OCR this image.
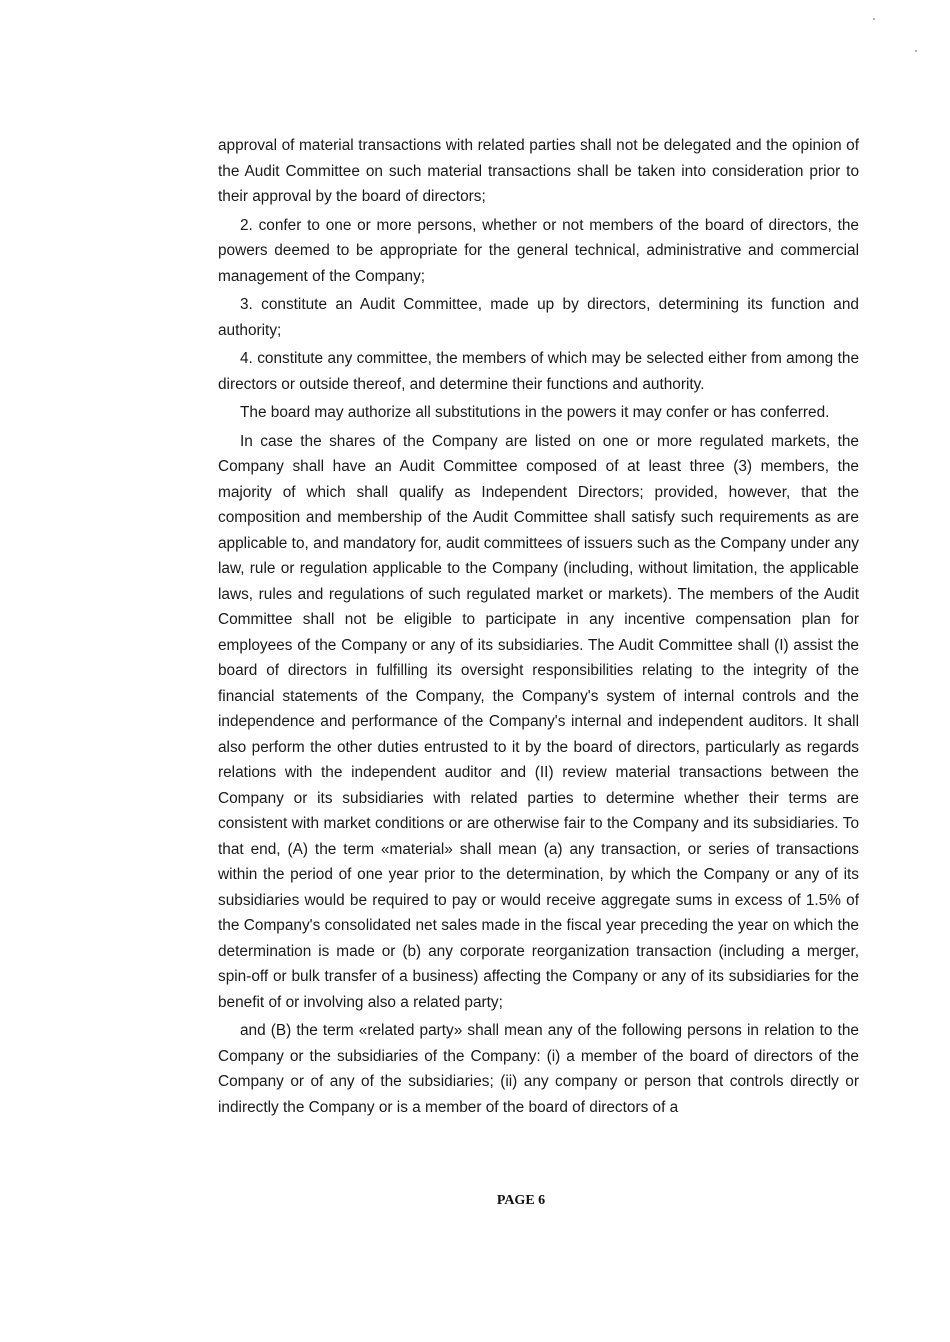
approval of material transactions with related parties shall not be delegated and the opinion of the Audit Committee on such material transactions shall be taken into consideration prior to their approval by the board of directors;

2. confer to one or more persons, whether or not members of the board of directors, the powers deemed to be appropriate for the general technical, administrative and commercial management of the Company;

3. constitute an Audit Committee, made up by directors, determining its function and authority;

4. constitute any committee, the members of which may be selected either from among the directors or outside thereof, and determine their functions and authority.

The board may authorize all substitutions in the powers it may confer or has conferred.

In case the shares of the Company are listed on one or more regulated markets, the Company shall have an Audit Committee composed of at least three (3) members, the majority of which shall qualify as Independent Directors; provided, however, that the composition and membership of the Audit Committee shall satisfy such requirements as are applicable to, and mandatory for, audit committees of issuers such as the Company under any law, rule or regulation applicable to the Company (including, without limitation, the applicable laws, rules and regulations of such regulated market or markets). The members of the Audit Committee shall not be eligible to participate in any incentive compensation plan for employees of the Company or any of its subsidiaries. The Audit Committee shall (I) assist the board of directors in fulfilling its oversight responsibilities relating to the integrity of the financial statements of the Company, the Company's system of internal controls and the independence and performance of the Company's internal and independent auditors. It shall also perform the other duties entrusted to it by the board of directors, particularly as regards relations with the independent auditor and (II) review material transactions between the Company or its subsidiaries with related parties to determine whether their terms are consistent with market conditions or are otherwise fair to the Company and its subsidiaries. To that end, (A) the term «material» shall mean (a) any transaction, or series of transactions within the period of one year prior to the determination, by which the Company or any of its subsidiaries would be required to pay or would receive aggregate sums in excess of 1.5% of the Company's consolidated net sales made in the fiscal year preceding the year on which the determination is made or (b) any corporate reorganization transaction (including a merger, spin-off or bulk transfer of a business) affecting the Company or any of its subsidiaries for the benefit of or involving also a related party;

and (B) the term «related party» shall mean any of the following persons in relation to the Company or the subsidiaries of the Company: (i) a member of the board of directors of the Company or of any of the subsidiaries; (ii) any company or person that controls directly or indirectly the Company or is a member of the board of directors of a

PAGE 6
